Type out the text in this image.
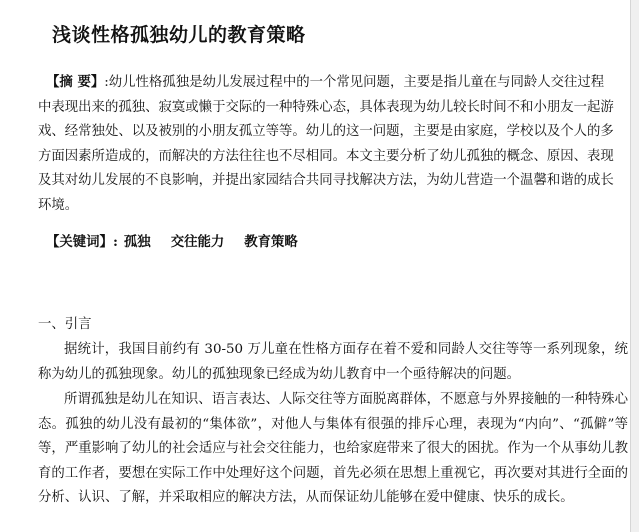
浅谈性格孤独幼儿的教育策略

【摘 要】:幼儿性格孤独是幼儿发展过程中的一个常见问题，主要是指儿童在与同龄人交往过程中表现出来的孤独、寂寞或懒于交际的一种特殊心态，具体表现为幼儿较长时间不和小朋友一起游戏、经常独处、以及被别的小朋友孤立等等。幼儿的这一问题，主要是由家庭，学校以及个人的多方面因素所造成的，而解决的方法往往也不尽相同。本文主要分析了幼儿孤独的概念、原因、表现及其对幼儿发展的不良影响，并提出家园结合共同寻找解决方法，为幼儿营造一个温馨和谐的成长环境。

【关键词】: 孤独 交往能力 教育策略

一、引言

据统计，我国目前约有 30-50 万儿童在性格方面存在着不爱和同龄人交往等等一系列现象，统称为幼儿的孤独现象。幼儿的孤独现象已经成为幼儿教育中一个亟待解决的问题。

所谓孤独是幼儿在知识、语言表达、人际交往等方面脱离群体，不愿意与外界接触的一种特殊心态。孤独的幼儿没有最初的“集体欲”，对他人与集体有很强的排斥心理，表现为“内向”、“孤僻”等等，严重影响了幼儿的社会适应与社会交往能力，也给家庭带来了很大的困扰。作为一个从事幼儿教育的工作者，要想在实际工作中处理好这个问题，首先必须在思想上重视它，再次要对其进行全面的分析、认识、了解，并采取相应的解决方法，从而保证幼儿能够在爱中健康、快乐的成长。
